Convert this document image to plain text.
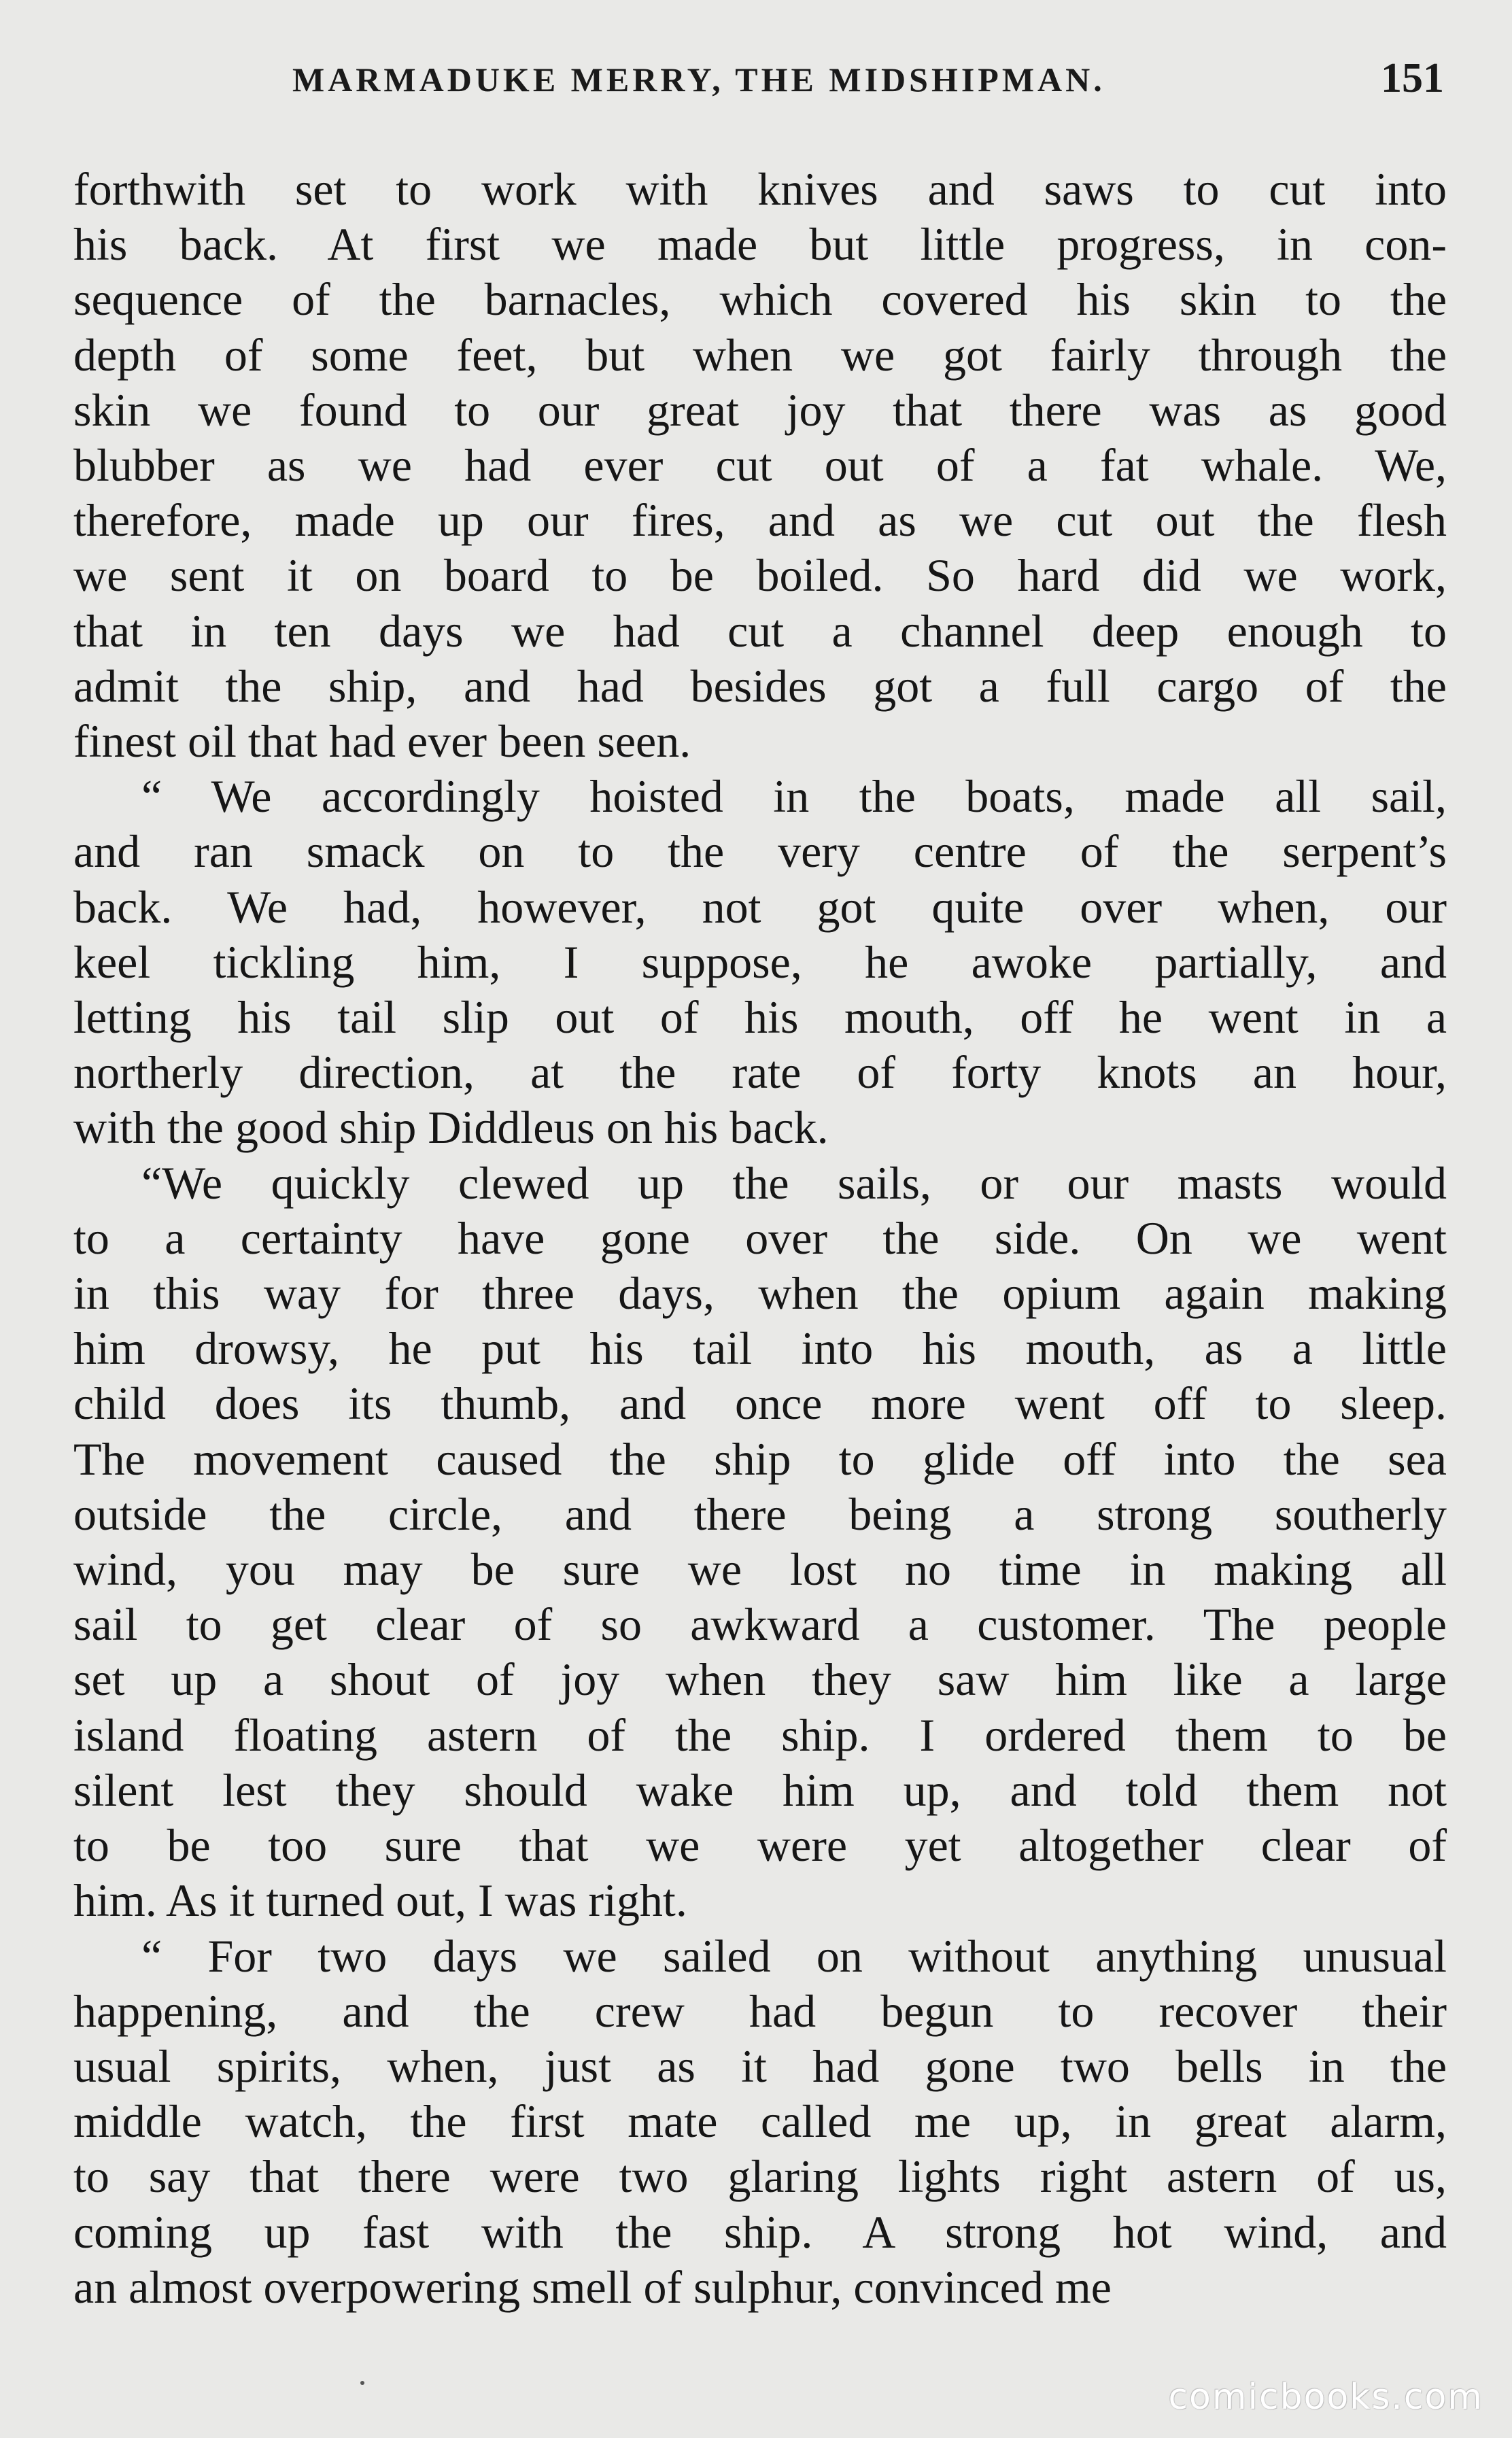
MARMADUKE MERRY, THE MIDSHIPMAN.	151
forthwith set to work with knives and saws to cut into
his back. At first we made but little progress, in con-
sequence of the barnacles, which covered his skin to the
depth of some feet, but when we got fairly through the
skin we found to our great joy that there was as good
blubber as we had ever cut out of a fat whale. We,
therefore, made up our fires, and as we cut out the flesh
we sent it on board to be boiled. So hard did we work,
that in ten days we had cut a channel deep enough to
admit the ship, and had besides got a full cargo of the
finest oil that had ever been seen.
“ We accordingly hoisted in the boats, made all sail,
and ran smack on to the very centre of the serpent’s
back. We had, however, not got quite over when, our
keel tickling him, I suppose, he awoke partially, and
letting his tail slip out of his mouth, off he went in a
northerly direction, at the rate of forty knots an hour,
with the good ship Diddleus on his back.
“We quickly clewed up the sails, or our masts would
to a certainty have gone over the side. On we went
in this way for three days, when the opium again making
him drowsy, he put his tail into his mouth, as a little
child does its thumb, and once more went off to sleep.
The movement caused the ship to glide off into the sea
outside the circle, and there being a strong southerly
wind, you may be sure we lost no time in making all
sail to get clear of so awkward a customer. The people
set up a shout of joy when they saw him like a large
island floating astern of the ship. I ordered them to be
silent lest they should wake him up, and told them not
to be too sure that we were yet altogether clear of
him. As it turned out, I was right.
“ For two days we sailed on without anything unusual
happening, and the crew had begun to recover their
usual spirits, when, just as it had gone two bells in the
middle watch, the first mate called me up, in great alarm,
to say that there were two glaring lights right astern of us,
coming up fast with the ship. A strong hot wind, and
an almost overpowering smell of sulphur, convinced me
comicbooks.com
